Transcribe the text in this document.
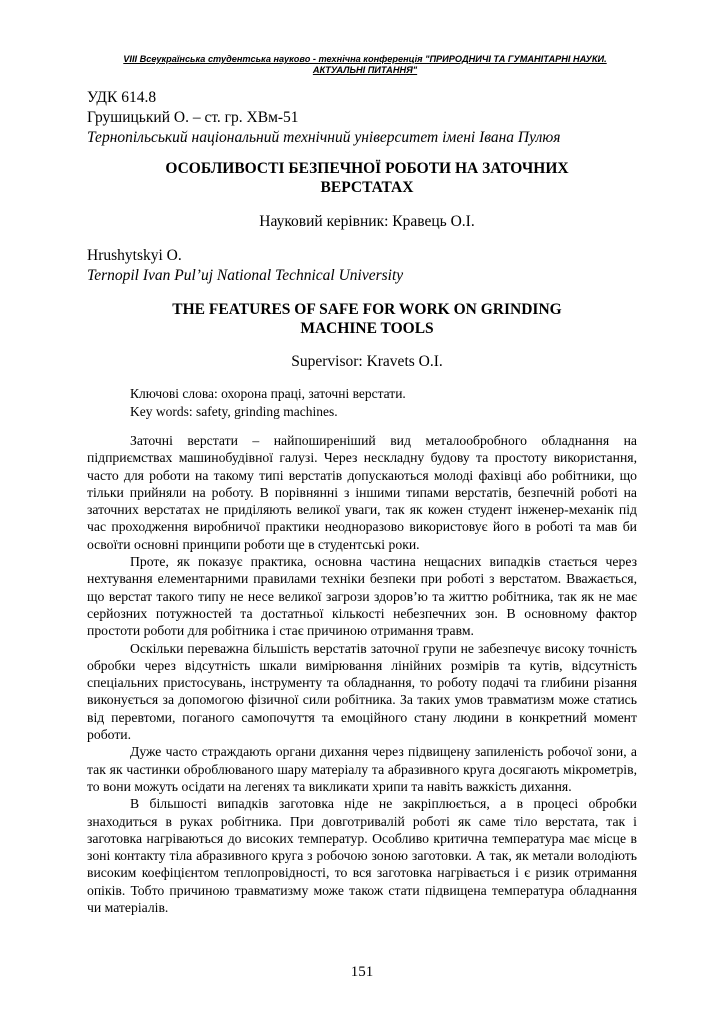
VIII Всеукраїнська студентська науково - технічна конференція "ПРИРОДНИЧІ ТА ГУМАНІТАРНІ НАУКИ.
АКТУАЛЬНІ ПИТАННЯ"
УДК 614.8
Грушицький О. – ст. гр. ХВм-51
Тернопільський національний технічний університет імені Івана Пулюя
ОСОБЛИВОСТІ БЕЗПЕЧНОЇ РОБОТИ НА ЗАТОЧНИХ
ВЕРСТАТАХ
Науковий керівник: Кравець О.І.
Hrushytskyi O.
Ternopil Ivan Pul’uj National Technical University
THE FEATURES OF SAFE FOR WORK ON GRINDING
MACHINE TOOLS
Supervisor: Kravets O.I.
Ключові слова: охорона праці, заточні верстати.
Key words: safety, grinding machines.

Заточні верстати – найпоширеніший вид металообробного обладнання на підприємствах машинобудівної галузі. Через нескладну будову та простоту використання, часто для роботи на такому типі верстатів допускаються молоді фахівці або робітники, що тільки прийняли на роботу. В порівнянні з іншими типами верстатів, безпечній роботі на заточних верстатах не приділяють великої уваги, так як кожен студент інженер-механік під час проходження виробничої практики неодноразово використовує його в роботі та мав би освоїти основні принципи роботи ще в студентські роки.

Проте, як показує практика, основна частина нещасних випадків стається через нехтування елементарними правилами техніки безпеки при роботі з верстатом. Вважається, що верстат такого типу не несе великої загрози здоров’ю та життю робітника, так як не має серйозних потужностей та достатньої кількості небезпечних зон. В основному фактор простоти роботи для робітника і стає причиною отримання травм.

Оскільки переважна більшість верстатів заточної групи не забезпечує високу точність обробки через відсутність шкали вимірювання лінійних розмірів та кутів, відсутність спеціальних пристосувань, інструменту та обладнання, то роботу подачі та глибини різання виконується за допомогою фізичної сили робітника. За таких умов травматизм може статись від перевтоми, поганого самопочуття та емоційного стану людини в конкретний момент роботи.

Дуже часто страждають органи дихання через підвищену запиленість робочої зони, а так як частинки оброблюваного шару матеріалу та абразивного круга досягають мікрометрів, то вони можуть осідати на легенях та викликати хрипи та навіть важкість дихання.

В більшості випадків заготовка ніде не закріплюється, а в процесі обробки знаходиться в руках робітника. При довготривалій роботі як саме тіло верстата, так і заготовка нагріваються до високих температур. Особливо критична температура має місце в зоні контакту тіла абразивного круга з робочою зоною заготовки. А так, як метали володіють високим коефіцієнтом теплопровідності, то вся заготовка нагрівається і є ризик отримання опіків. Тобто причиною травматизму може також стати підвищена температура обладнання чи матеріалів.

151
